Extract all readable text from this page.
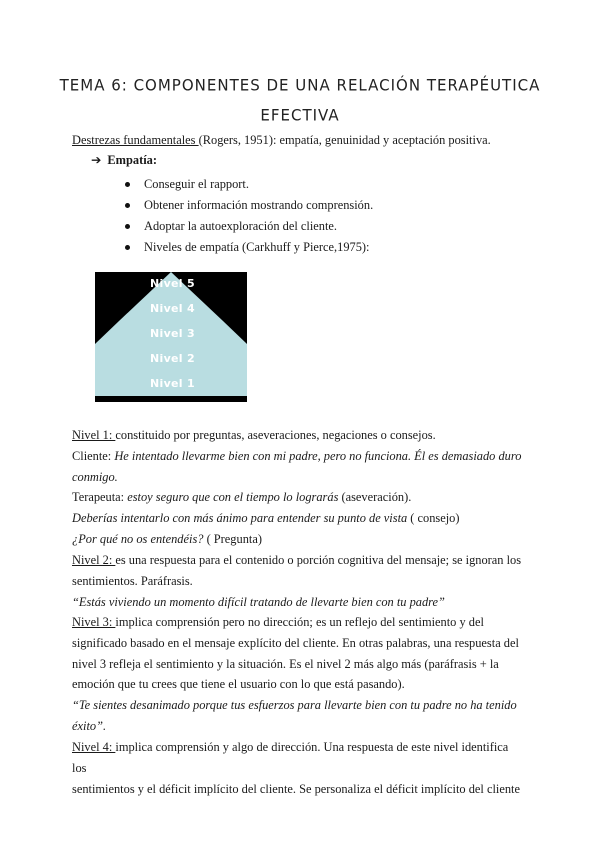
TEMA 6: COMPONENTES DE UNA RELACIÓN TERAPÉUTICA
EFECTIVA
Destrezas fundamentales (Rogers, 1951): empatía, genuinidad y aceptación positiva.
➔ Empatía:
Conseguir el rapport.
Obtener información mostrando comprensión.
Adoptar la autoexploración del cliente.
Niveles de empatía (Carkhuff y Pierce,1975):
Nivel 5
Nivel 4
Nivel 3
Nivel 2
Nivel 1
Nivel 1: constituido por preguntas, aseveraciones, negaciones o consejos.
Cliente: He intentado llevarme bien con mi padre, pero no funciona. Él es demasiado duro
conmigo.
Terapeuta: estoy seguro que con el tiempo lo lograrás (aseveración).
Deberías intentarlo con más ánimo para entender su punto de vista ( consejo)
¿Por qué no os entendéis? ( Pregunta)
Nivel 2: es una respuesta para el contenido o porción cognitiva del mensaje; se ignoran los
sentimientos. Paráfrasis.
“Estás viviendo un momento difícil tratando de llevarte bien con tu padre”
Nivel 3: implica comprensión pero no dirección; es un reflejo del sentimiento y del
significado basado en el mensaje explícito del cliente. En otras palabras, una respuesta del
nivel 3 refleja el sentimiento y la situación. Es el nivel 2 más algo más (paráfrasis + la
emoción que tu crees que tiene el usuario con lo que está pasando).
“Te sientes desanimado porque tus esfuerzos para llevarte bien con tu padre no ha tenido
éxito”.
Nivel 4: implica comprensión y algo de dirección. Una respuesta de este nivel identifica los
sentimientos y el déficit implícito del cliente. Se personaliza el déficit implícito del cliente
